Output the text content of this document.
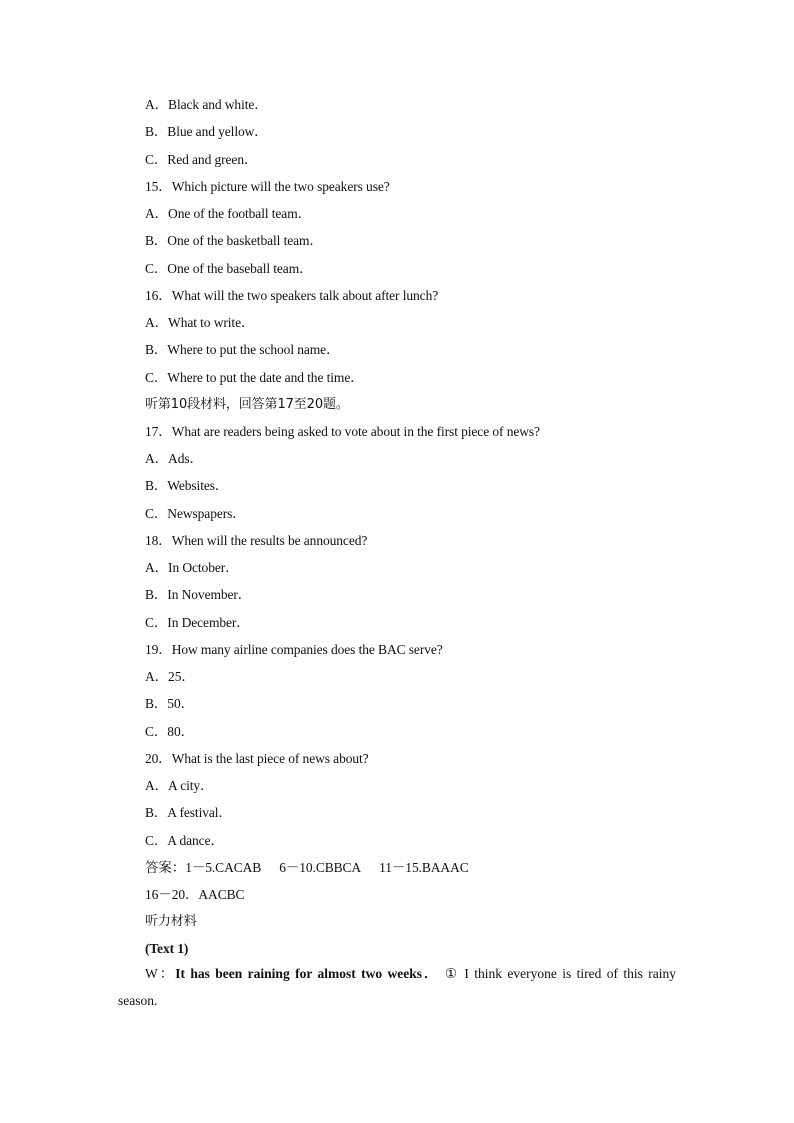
A．Black and white．
B．Blue and yellow．
C．Red and green．
15．Which picture will the two speakers use?
A．One of the football team．
B．One of the basketball team．
C．One of the baseball team．
16．What will the two speakers talk about after lunch?
A．What to write．
B．Where to put the school name．
C．Where to put the date and the time．
听第10段材料，回答第17至20题。
17．What are readers being asked to vote about in the first piece of news?
A．Ads．
B．Websites．
C．Newspapers．
18．When will the results be announced?
A．In October．
B．In November．
C．In December．
19．How many airline companies does the BAC serve?
A．25．
B．50．
C．80．
20．What is the last piece of news about?
A．A city．
B．A festival．
C．A dance．
答案：1－5.CACAB 6－10.CBBCA 11－15.BAAAC
16－20．AACBC
听力材料
(Text 1)
W：It has been raining for almost two weeks． ① I think everyone is tired of this rainy season.
